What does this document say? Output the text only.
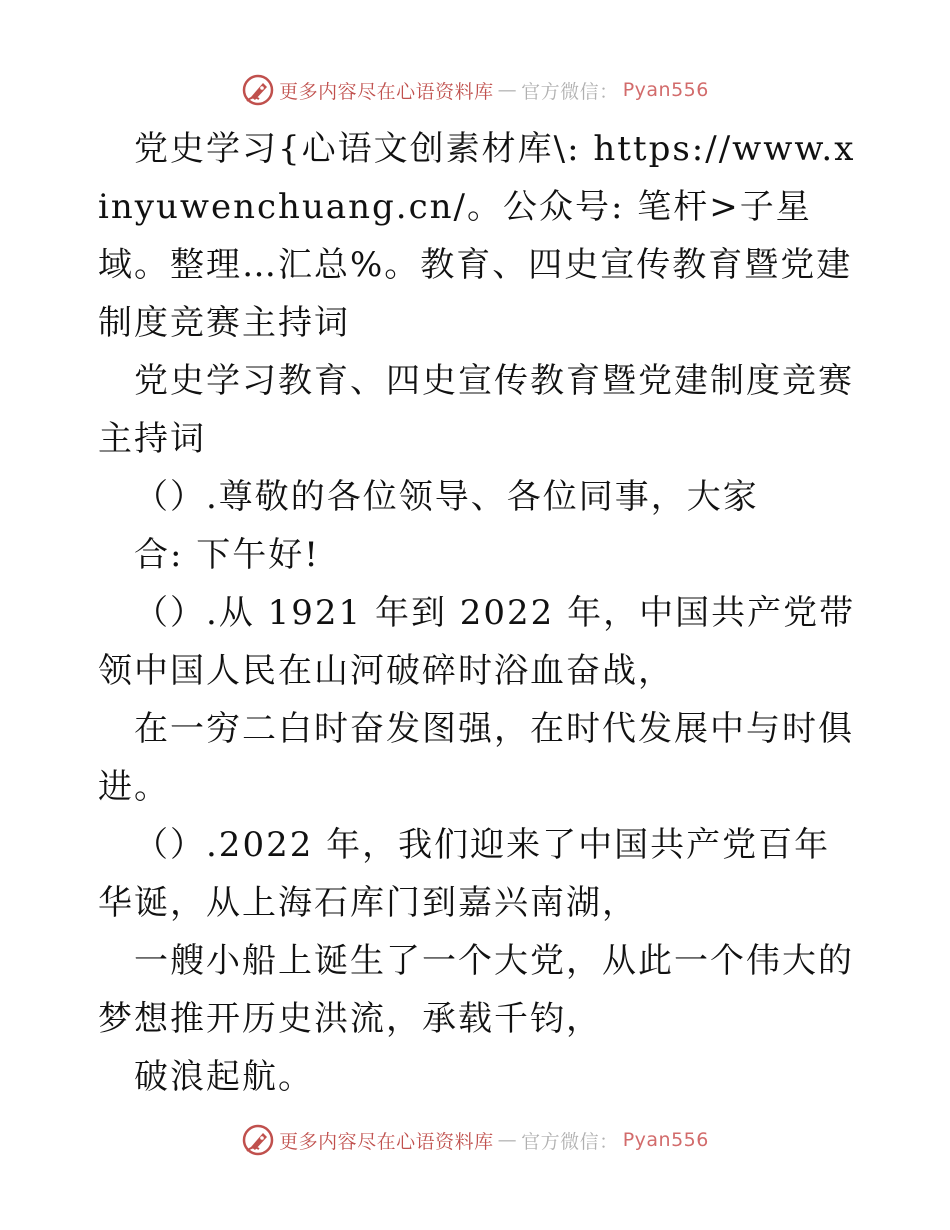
更多内容尽在心语资料库 — 官方微信： Pyan556

党史学习{心语文创素材库\: https://www.xinyuwenchuang.cn/。公众号: 笔杆>子星域。整理…汇总%。教育、四史宣传教育暨党建制度竞赛主持词

党史学习教育、四史宣传教育暨党建制度竞赛主持词

（）.尊敬的各位领导、各位同事，大家

合: 下午好!

（）.从 1921 年到 2022 年，中国共产党带领中国人民在山河破碎时浴血奋战，

在一穷二白时奋发图强，在时代发展中与时俱进。

（）.2022 年，我们迎来了中国共产党百年华诞，从上海石库门到嘉兴南湖，

一艘小船上诞生了一个大党，从此一个伟大的梦想推开历史洪流，承载千钧，

破浪起航。

更多内容尽在心语资料库 — 官方微信： Pyan556
